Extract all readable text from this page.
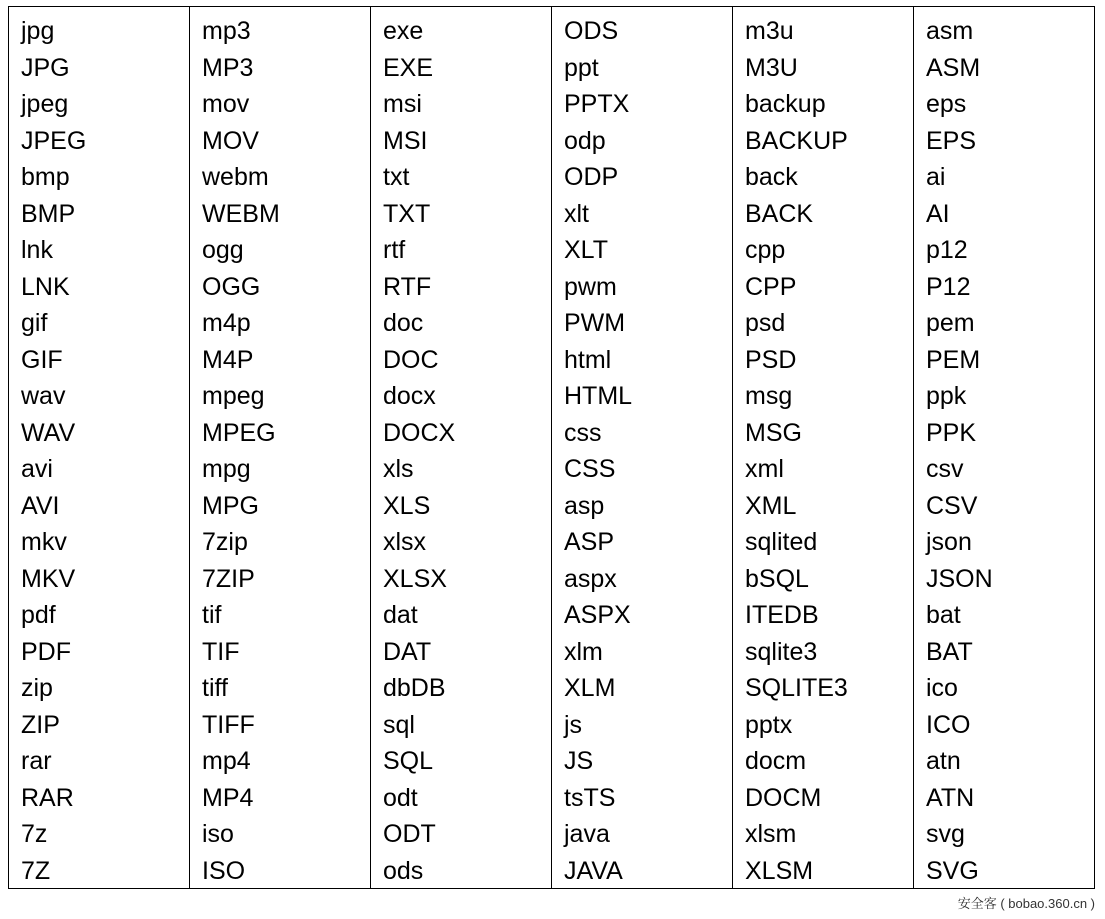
jpg
JPG
jpeg
JPEG
bmp
BMP
lnk
LNK
gif
GIF
wav
WAV
avi
AVI
mkv
MKV
pdf
PDF
zip
ZIP
rar
RAR
7z
7Z
mp3
MP3
mov
MOV
webm
WEBM
ogg
OGG
m4p
M4P
mpeg
MPEG
mpg
MPG
7zip
7ZIP
tif
TIF
tiff
TIFF
mp4
MP4
iso
ISO
exe
EXE
msi
MSI
txt
TXT
rtf
RTF
doc
DOC
docx
DOCX
xls
XLS
xlsx
XLSX
dat
DAT
dbDB
sql
SQL
odt
ODT
ods
ODS
ppt
PPTX
odp
ODP
xlt
XLT
pwm
PWM
html
HTML
css
CSS
asp
ASP
aspx
ASPX
xlm
XLM
js
JS
tsTS
java
JAVA
m3u
M3U
backup
BACKUP
back
BACK
cpp
CPP
psd
PSD
msg
MSG
xml
XML
sqlited
bSQL
ITEDB
sqlite3
SQLITE3
pptx
docm
DOCM
xlsm
XLSM
asm
ASM
eps
EPS
ai
AI
p12
P12
pem
PEM
ppk
PPK
csv
CSV
json
JSON
bat
BAT
ico
ICO
atn
ATN
svg
SVG
安全客 ( bobao.360.cn )
